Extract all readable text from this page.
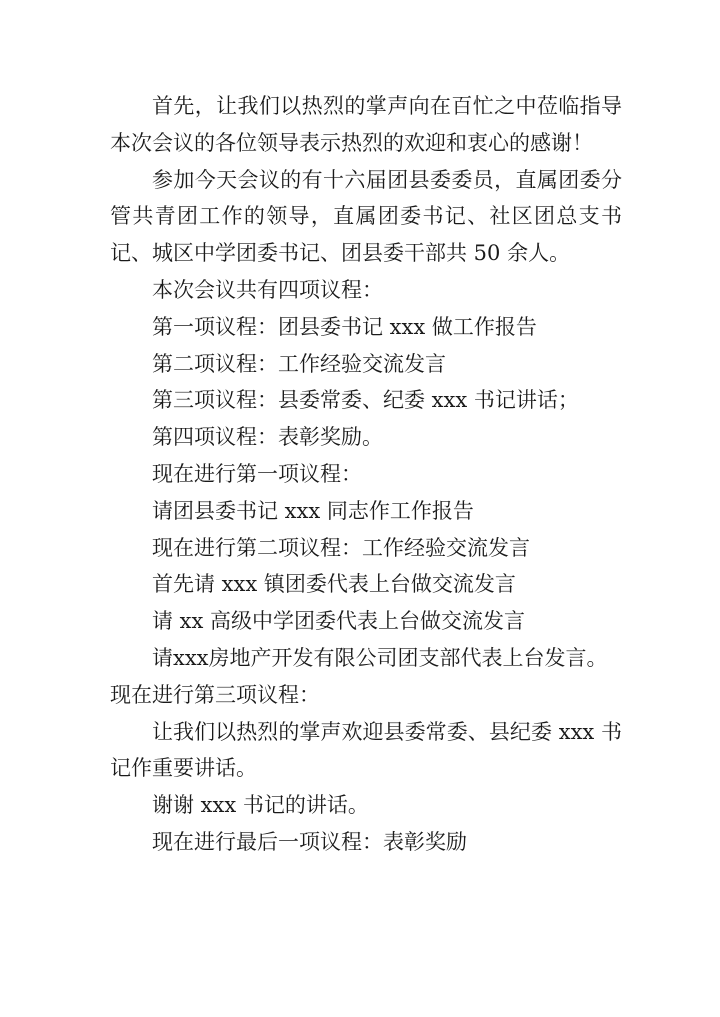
首先，让我们以热烈的掌声向在百忙之中莅临指导本次会议的各位领导表示热烈的欢迎和衷心的感谢！

参加今天会议的有十六届团县委委员，直属团委分管共青团工作的领导，直属团委书记、社区团总支书记、城区中学团委书记、团县委干部共 50 余人。

本次会议共有四项议程：

第一项议程：团县委书记 xxx 做工作报告

第二项议程：工作经验交流发言

第三项议程：县委常委、纪委 xxx 书记讲话；

第四项议程：表彰奖励。

现在进行第一项议程：

请团县委书记 xxx 同志作工作报告

现在进行第二项议程：工作经验交流发言

首先请 xxx 镇团委代表上台做交流发言

请 xx 高级中学团委代表上台做交流发言

请xxx房地产开发有限公司团支部代表上台发言。

现在进行第三项议程：

让我们以热烈的掌声欢迎县委常委、县纪委 xxx 书记作重要讲话。

谢谢 xxx 书记的讲话。

现在进行最后一项议程：表彰奖励
